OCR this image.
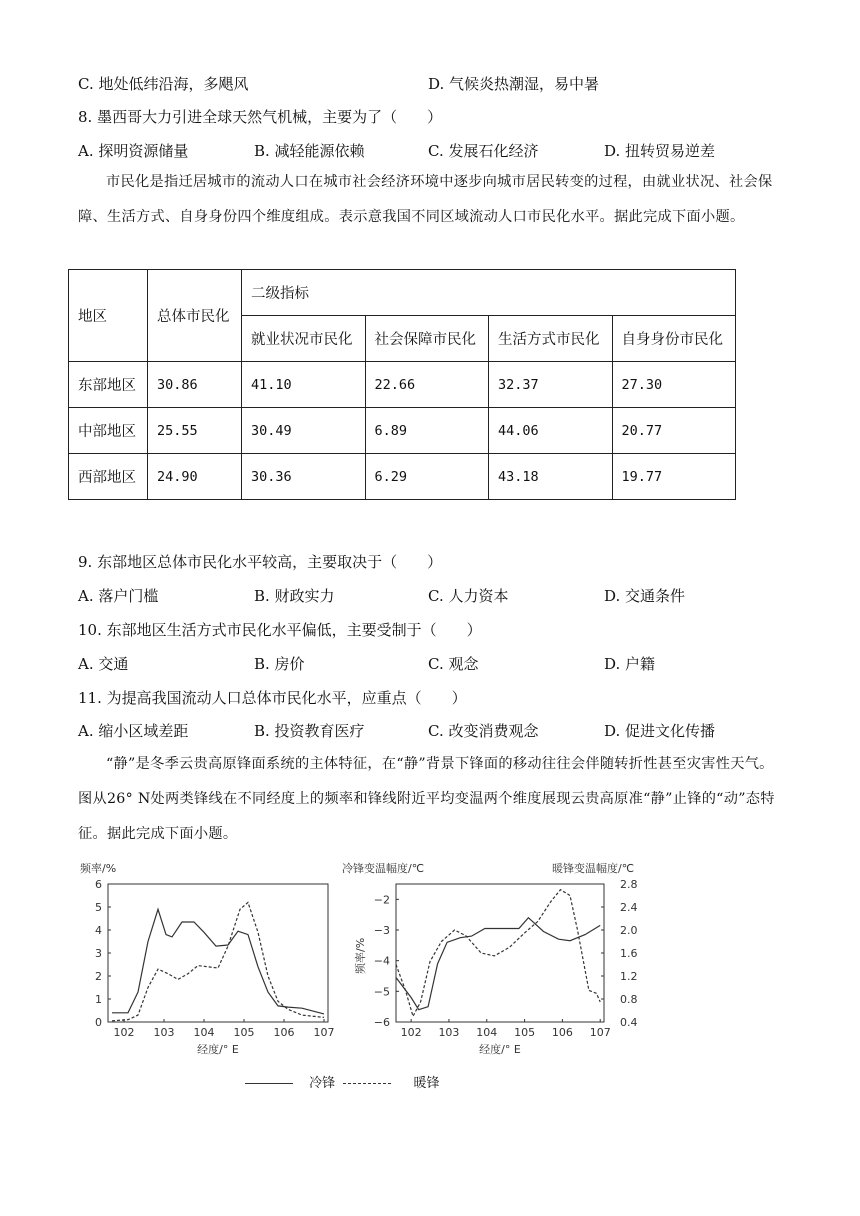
C. 地处低纬沿海，多飓风	D. 气候炎热潮湿，易中暑
8. 墨西哥大力引进全球天然气机械，主要为了（　　）
A. 探明资源储量	B. 减轻能源依赖	C. 发展石化经济	D. 扭转贸易逆差
市民化是指迁居城市的流动人口在城市社会经济环境中逐步向城市居民转变的过程，由就业状况、社会保障、生活方式、自身身份四个维度组成。表示意我国不同区域流动人口市民化水平。据此完成下面小题。
地区	总体市民化	二级指标			
		就业状况市民化	社会保障市民化	生活方式市民化	自身身份市民化
东部地区	30.86	41.10	22.66	32.37	27.30
中部地区	25.55	30.49	6.89	44.06	20.77
西部地区	24.90	30.36	6.29	43.18	19.77
9. 东部地区总体市民化水平较高，主要取决于（　　）
A. 落户门槛	B. 财政实力	C. 人力资本	D. 交通条件
10. 东部地区生活方式市民化水平偏低，主要受制于（　　）
A. 交通	B. 房价	C. 观念	D. 户籍
11. 为提高我国流动人口总体市民化水平，应重点（　　）
A. 缩小区域差距	B. 投资教育医疗	C. 改变消费观念	D. 促进文化传播
“静”是冬季云贵高原锋面系统的主体特征，在“静”背景下锋面的移动往往会伴随转折性甚至灾害性天气。图从26° N处两类锋线在不同经度上的频率和锋线附近平均变温两个维度展现云贵高原准“静”止锋的“动”态特征。据此完成下面小题。
频率/%
0
1
2
3
4
5
6
102 103 104 105 106 107
经度/° E
冷锋变温幅度/℃	暖锋变温幅度/℃
频率/%
−6
−5
−4
−3
−2
0.4
0.8
1.2
1.6
2.0
2.4
2.8
102 103 104 105 106 107
经度/° E
冷锋	暖锋
